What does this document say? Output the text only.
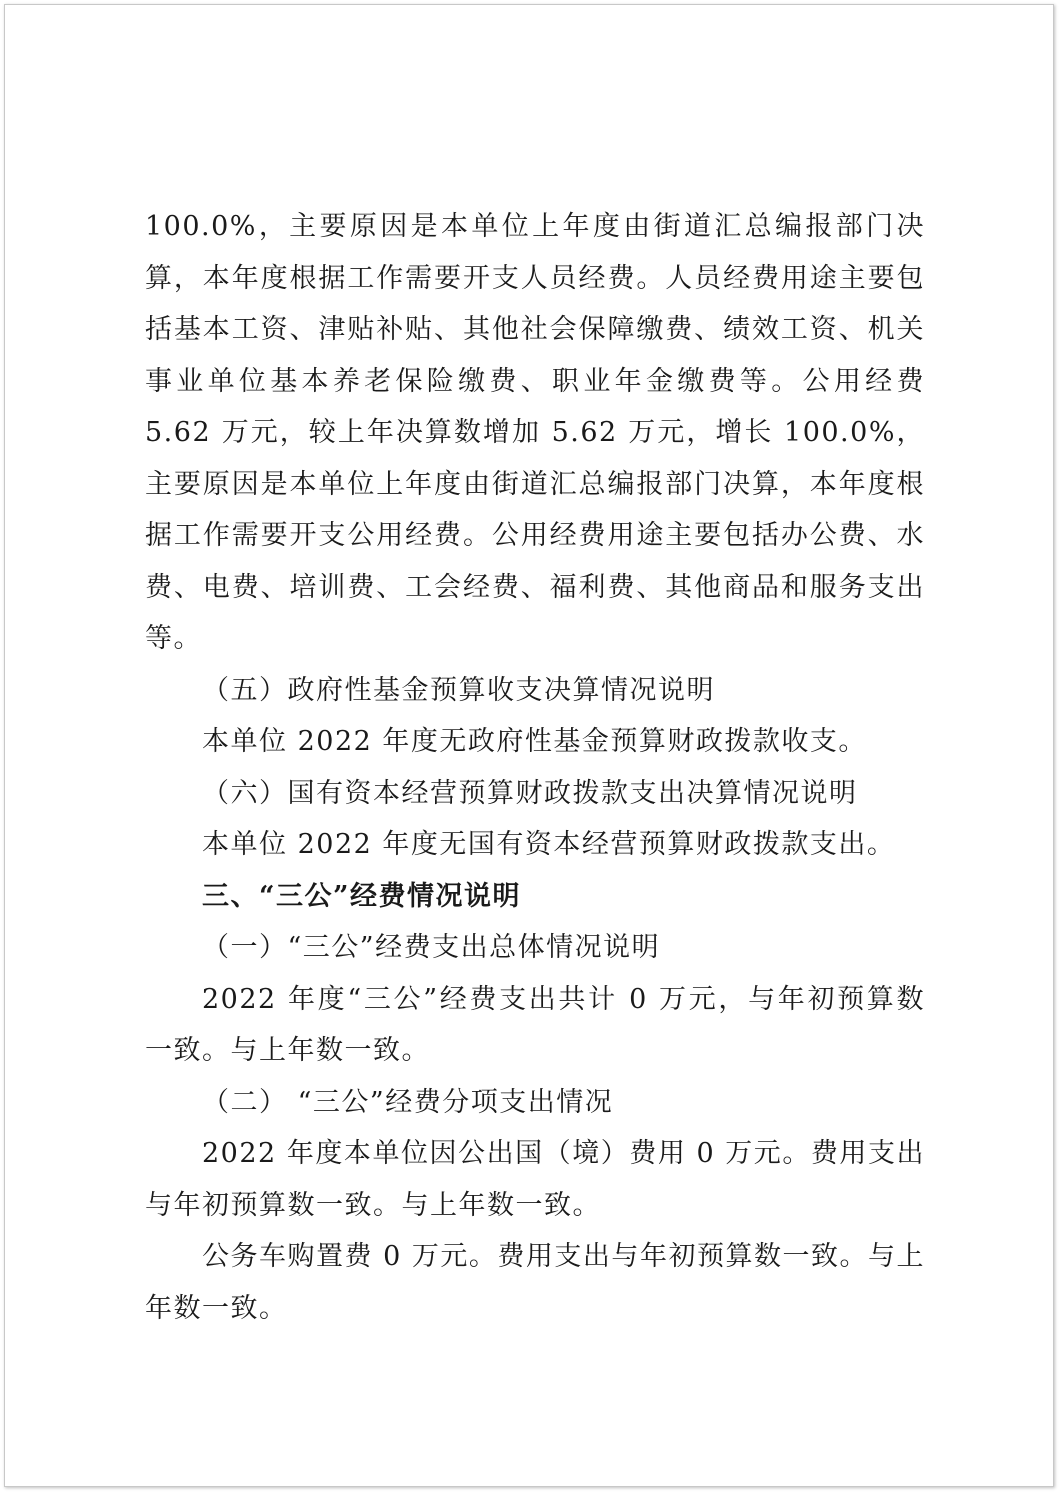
100.0%，主要原因是本单位上年度由街道汇总编报部门决算，本年度根据工作需要开支人员经费。人员经费用途主要包括基本工资、津贴补贴、其他社会保障缴费、绩效工资、机关事业单位基本养老保险缴费、职业年金缴费等。公用经费 5.62 万元，较上年决算数增加 5.62 万元，增长 100.0%，主要原因是本单位上年度由街道汇总编报部门决算，本年度根据工作需要开支公用经费。公用经费用途主要包括办公费、水费、电费、培训费、工会经费、福利费、其他商品和服务支出等。

（五）政府性基金预算收支决算情况说明

本单位 2022 年度无政府性基金预算财政拨款收支。

（六）国有资本经营预算财政拨款支出决算情况说明

本单位 2022 年度无国有资本经营预算财政拨款支出。

三、“三公”经费情况说明

（一）“三公”经费支出总体情况说明

2022 年度“三公”经费支出共计 0 万元，与年初预算数一致。与上年数一致。

（二） “三公”经费分项支出情况

2022 年度本单位因公出国（境）费用 0 万元。费用支出与年初预算数一致。与上年数一致。

公务车购置费 0 万元。费用支出与年初预算数一致。与上年数一致。
